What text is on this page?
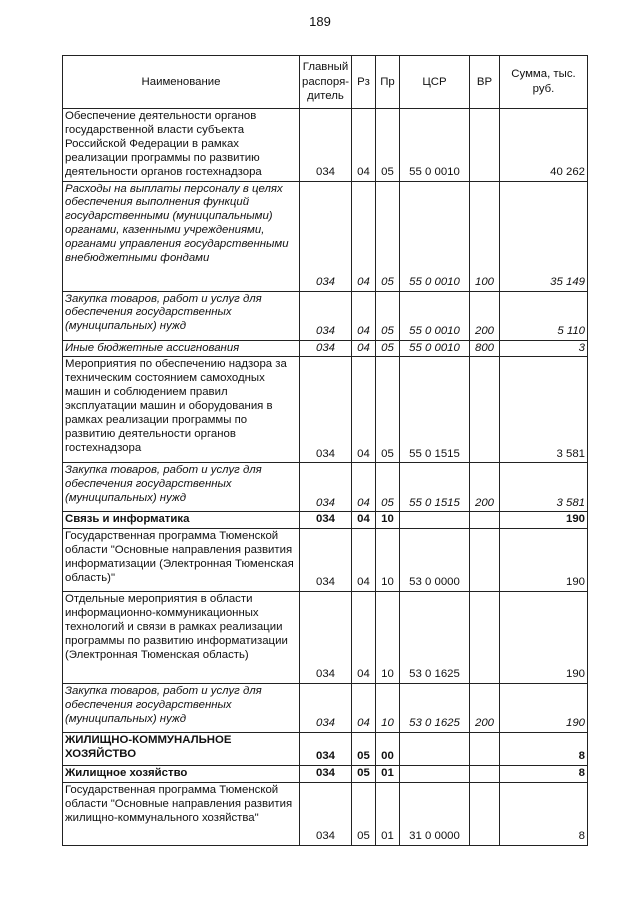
189
Наименование	Главный распоря-дитель	Рз	Пр	ЦСР	ВР	Сумма, тыс. руб.
Обеспечение деятельности органов государственной власти субъекта Российской Федерации в рамках реализации программы по развитию деятельности органов гостехнадзора	034	04	05	55 0 0010		40 262
Расходы на выплаты персоналу в целях обеспечения выполнения функций государственными (муниципальными) органами, казенными учреждениями, органами управления государственными внебюджетными фондами	034	04	05	55 0 0010	100	35 149
Закупка товаров, работ и услуг для обеспечения государственных (муниципальных) нужд	034	04	05	55 0 0010	200	5 110
Иные бюджетные ассигнования	034	04	05	55 0 0010	800	3
Мероприятия по обеспечению надзора за техническим состоянием самоходных машин и соблюдением правил эксплуатации машин и оборудования в рамках реализации программы по развитию деятельности органов гостехнадзора	034	04	05	55 0 1515		3 581
Закупка товаров, работ и услуг для обеспечения государственных (муниципальных) нужд	034	04	05	55 0 1515	200	3 581
Связь и информатика	034	04	10			190
Государственная программа Тюменской области "Основные направления развития информатизации (Электронная Тюменская область)"	034	04	10	53 0 0000		190
Отдельные мероприятия в области информационно-коммуникационных технологий и связи в рамках реализации программы по развитию информатизации (Электронная Тюменская область)	034	04	10	53 0 1625		190
Закупка товаров, работ и услуг для обеспечения государственных (муниципальных) нужд	034	04	10	53 0 1625	200	190
ЖИЛИЩНО-КОММУНАЛЬНОЕ ХОЗЯЙСТВО	034	05	00			8
Жилищное хозяйство	034	05	01			8
Государственная программа Тюменской области "Основные направления развития жилищно-коммунального хозяйства"	034	05	01	31 0 0000		8
